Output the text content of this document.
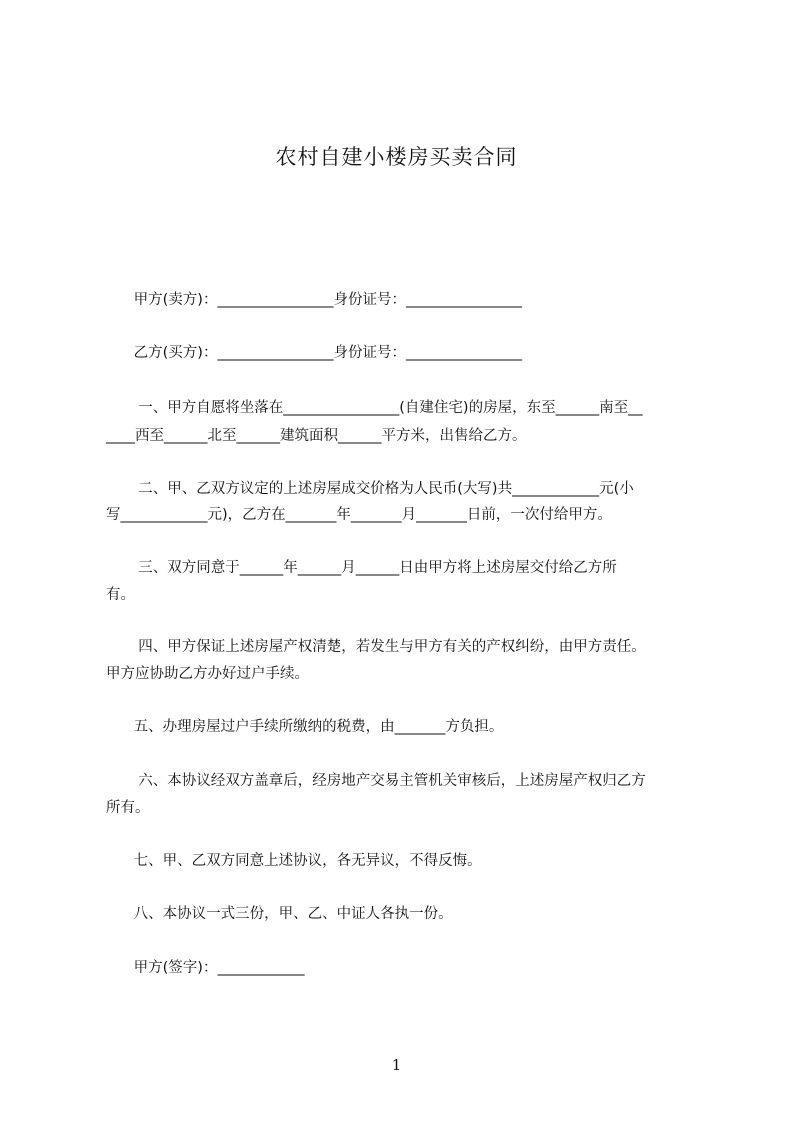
农村自建小楼房买卖合同
甲方(卖方)：________________身份证号：________________
乙方(买方)：________________身份证号：________________
一、甲方自愿将坐落在________________(自建住宅)的房屋，东至______南至__
____西至______北至______建筑面积______平方米，出售给乙方。
二、甲、乙双方议定的上述房屋成交价格为人民币(大写)共____________元(小
写____________元)，乙方在_______年_______月_______日前，一次付给甲方。
三、双方同意于______年______月______日由甲方将上述房屋交付给乙方所
有。
四、甲方保证上述房屋产权清楚，若发生与甲方有关的产权纠纷，由甲方责任。
甲方应协助乙方办好过户手续。
五、办理房屋过户手续所缴纳的税费，由_______方负担。
六、本协议经双方盖章后，经房地产交易主管机关审核后，上述房屋产权归乙方
所有。
七、甲、乙双方同意上述协议，各无异议，不得反悔。
八、本协议一式三份，甲、乙、中证人各执一份。
甲方(签字)：____________
1
